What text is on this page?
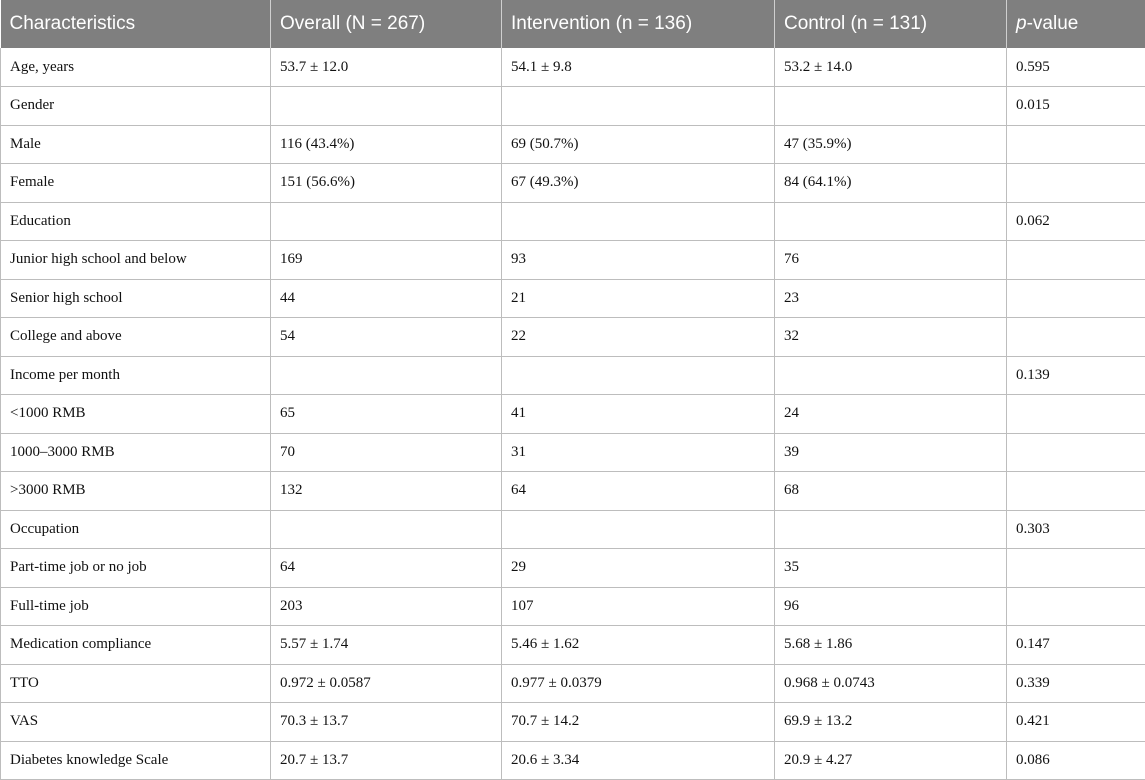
Characteristics	Overall (N = 267)	Intervention (n = 136)	Control (n = 131)	p-value
Age, years	53.7 ± 12.0	54.1 ± 9.8	53.2 ± 14.0	0.595
Gender				0.015
Male	116 (43.4%)	69 (50.7%)	47 (35.9%)	
Female	151 (56.6%)	67 (49.3%)	84 (64.1%)	
Education				0.062
Junior high school and below	169	93	76	
Senior high school	44	21	23	
College and above	54	22	32	
Income per month				0.139
<1000 RMB	65	41	24	
1000–3000 RMB	70	31	39	
>3000 RMB	132	64	68	
Occupation				0.303
Part-time job or no job	64	29	35	
Full-time job	203	107	96	
Medication compliance	5.57 ± 1.74	5.46 ± 1.62	5.68 ± 1.86	0.147
TTO	0.972 ± 0.0587	0.977 ± 0.0379	0.968 ± 0.0743	0.339
VAS	70.3 ± 13.7	70.7 ± 14.2	69.9 ± 13.2	0.421
Diabetes knowledge Scale	20.7 ± 13.7	20.6 ± 3.34	20.9 ± 4.27	0.086
